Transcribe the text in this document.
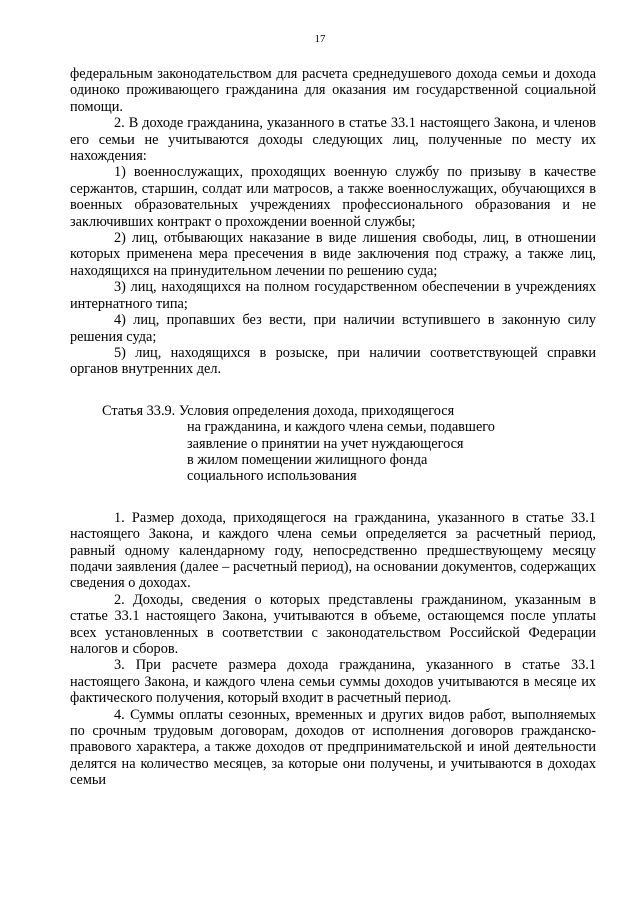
17

федеральным законодательством для расчета среднедушевого дохода семьи и дохода одиноко проживающего гражданина для оказания им государственной социальной помощи.

2. В доходе гражданина, указанного в статье 33.1 настоящего Закона, и членов его семьи не учитываются доходы следующих лиц, полученные по месту их нахождения:

1) военнослужащих, проходящих военную службу по призыву в качестве сержантов, старшин, солдат или матросов, а также военнослужащих, обучающихся в военных образовательных учреждениях профессионального образования и не заключивших контракт о прохождении военной службы;

2) лиц, отбывающих наказание в виде лишения свободы, лиц, в отношении которых применена мера пресечения в виде заключения под стражу, а также лиц, находящихся на принудительном лечении по решению суда;

3) лиц, находящихся на полном государственном обеспечении в учреждениях интернатного типа;

4) лиц, пропавших без вести, при наличии вступившего в законную силу решения суда;

5) лиц, находящихся в розыске, при наличии соответствующей справки органов внутренних дел.

Статья 33.9. Условия определения дохода, приходящегося
на гражданина, и каждого члена семьи, подавшего
заявление о принятии на учет нуждающегося
в жилом помещении жилищного фонда
социального использования

1. Размер дохода, приходящегося на гражданина, указанного в статье 33.1 настоящего Закона, и каждого члена семьи определяется за расчетный период, равный одному календарному году, непосредственно предшествующему месяцу подачи заявления (далее – расчетный период), на основании документов, содержащих сведения о доходах.

2. Доходы, сведения о которых представлены гражданином, указанным в статье 33.1 настоящего Закона, учитываются в объеме, остающемся после уплаты всех установленных в соответствии с законодательством Российской Федерации налогов и сборов.

3. При расчете размера дохода гражданина, указанного в статье 33.1 настоящего Закона, и каждого члена семьи суммы доходов учитываются в месяце их фактического получения, который входит в расчетный период.

4. Суммы оплаты сезонных, временных и других видов работ, выполняемых по срочным трудовым договорам, доходов от исполнения договоров гражданско-правового характера, а также доходов от предпринимательской и иной деятельности делятся на количество месяцев, за которые они получены, и учитываются в доходах семьи
